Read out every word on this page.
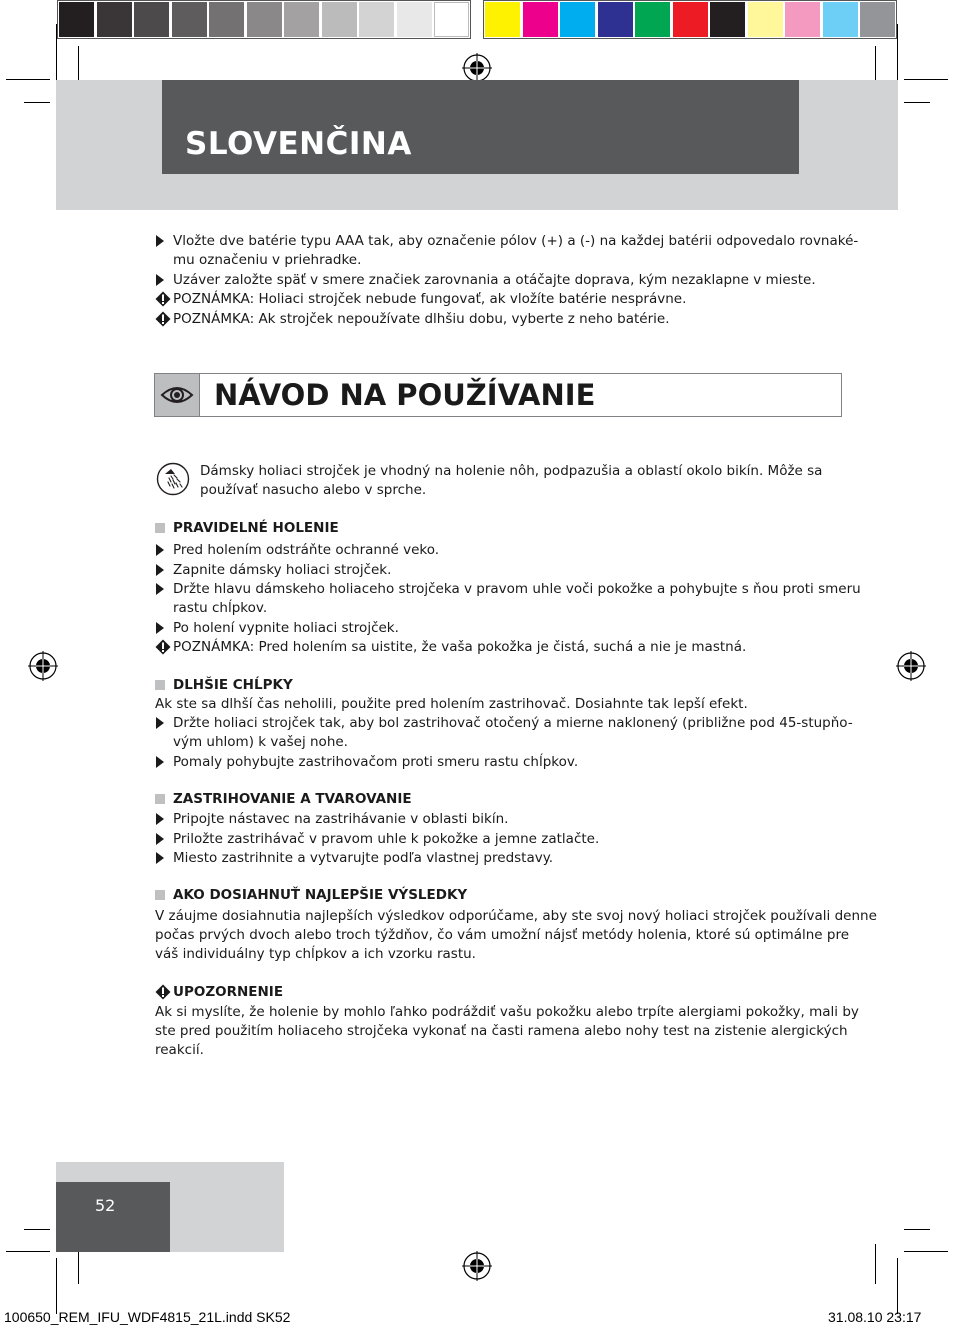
SLOVENČINA
Vložte dve batérie typu AAA tak, aby označenie pólov (+) a (-) na každej batérii odpovedalo rovnaké-
mu označeniu v priehradke.
Uzáver založte späť v smere značiek zarovnania a otáčajte doprava, kým nezaklapne v mieste.
POZNÁMKA: Holiaci strojček nebude fungovať, ak vložíte batérie nesprávne.
POZNÁMKA: Ak strojček nepoužívate dlhšiu dobu, vyberte z neho batérie.
NÁVOD NA POUŽÍVANIE
Dámsky holiaci strojček je vhodný na holenie nôh, podpazušia a oblastí okolo bikín. Môže sa
používať nasucho alebo v sprche.
PRAVIDELNÉ HOLENIE
Pred holením odstráňte ochranné veko.
Zapnite dámsky holiaci strojček.
Držte hlavu dámskeho holiaceho strojčeka v pravom uhle voči pokožke a pohybujte s ňou proti smeru
rastu chĺpkov.
Po holení vypnite holiaci strojček.
POZNÁMKA: Pred holením sa uistite, že vaša pokožka je čistá, suchá a nie je mastná.
DLHŠIE CHĹPKY
Ak ste sa dlhší čas neholili, použite pred holením zastrihovač. Dosiahnte tak lepší efekt.
Držte holiaci strojček tak, aby bol zastrihovač otočený a mierne naklonený (približne pod 45-stupňo-
vým uhlom) k vašej nohe.
Pomaly pohybujte zastrihovačom proti smeru rastu chĺpkov.
ZASTRIHOVANIE A TVAROVANIE
Pripojte nástavec na zastrihávanie v oblasti bikín.
Priložte zastrihávač v pravom uhle k pokožke a jemne zatlačte.
Miesto zastrihnite a vytvarujte podľa vlastnej predstavy.
AKO DOSIAHNUŤ NAJLEPŠIE VÝSLEDKY
V záujme dosiahnutia najlepších výsledkov odporúčame, aby ste svoj nový holiaci strojček používali denne
počas prvých dvoch alebo troch týždňov, čo vám umožní nájsť metódy holenia, ktoré sú optimálne pre
váš individuálny typ chĺpkov a ich vzorku rastu.
UPOZORNENIE
Ak si myslíte, že holenie by mohlo ľahko podráždiť vašu pokožku alebo trpíte alergiami pokožky, mali by
ste pred použitím holiaceho strojčeka vykonať na časti ramena alebo nohy test na zistenie alergických
reakcií.
52
100650_REM_IFU_WDF4815_21L.indd SK52	31.08.10 23:17
